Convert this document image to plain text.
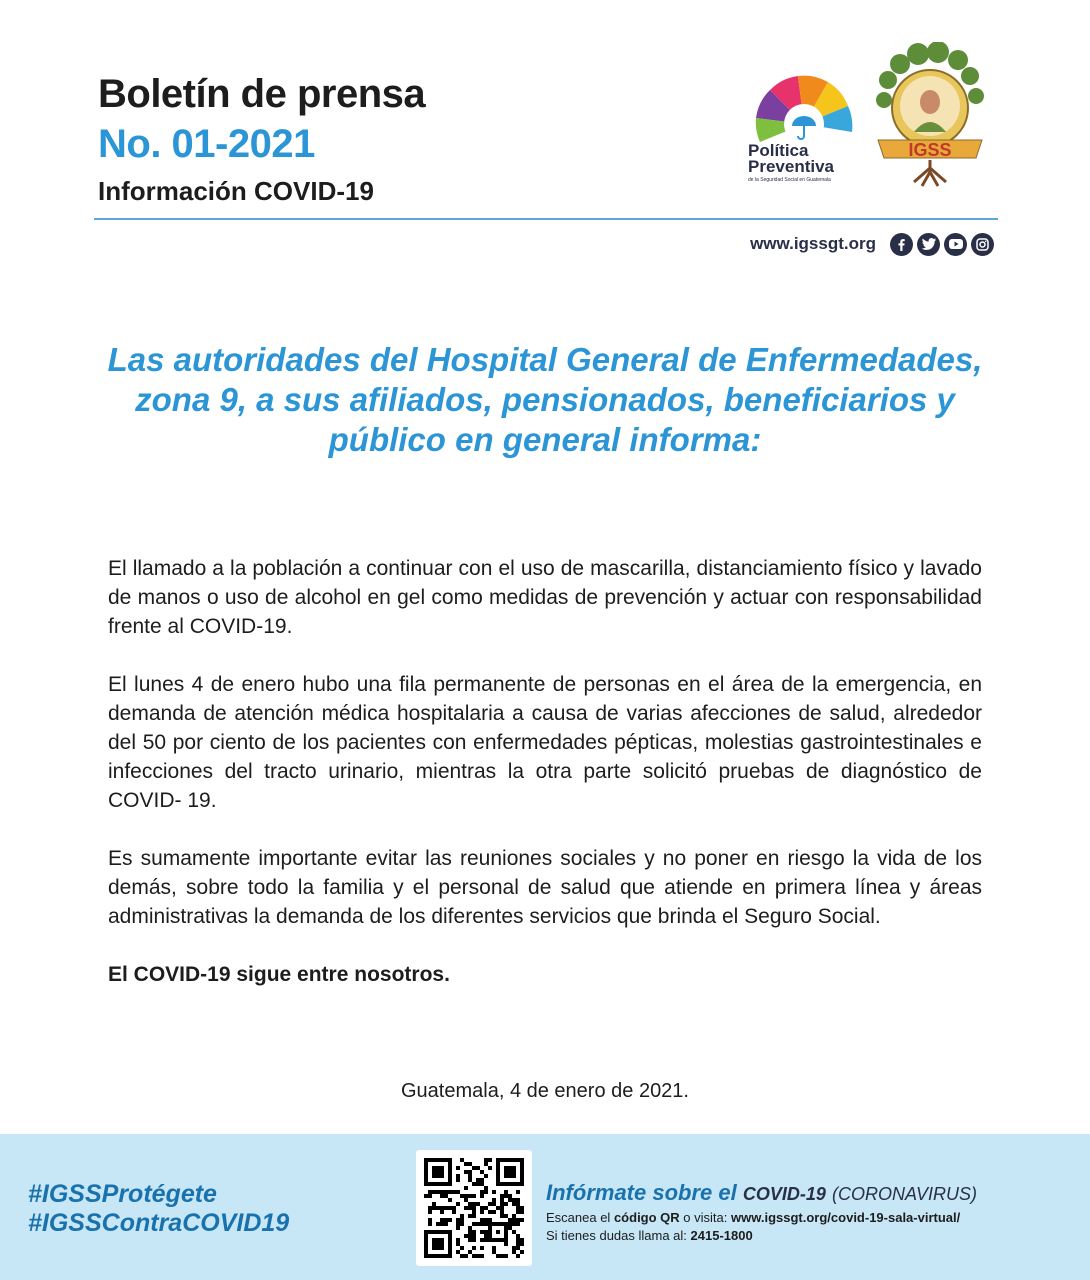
Boletín de prensa
No. 01-2021
Información COVID-19
Política
Preventiva
de la Seguridad Social en Guatemala
IGSS
www.igssgt.org
Las autoridades del Hospital General de Enfermedades, zona 9, a sus afiliados, pensionados, beneficiarios y público en general informa:

El llamado a la población a continuar con el uso de mascarilla, distanciamiento físico y lavado de manos o uso de alcohol en gel como medidas de prevención y actuar con responsabilidad frente al COVID-19.

El lunes 4 de enero hubo una fila permanente de personas en el área de la emergencia, en demanda de atención médica hospitalaria a causa de varias afecciones de salud, alrededor del 50 por ciento de los pacientes con enfermedades pépticas, molestias gastrointestinales e infecciones del tracto urinario, mientras la otra parte solicitó pruebas de diagnóstico de COVID- 19.

Es sumamente importante evitar las reuniones sociales y no poner en riesgo la vida de los demás, sobre todo la familia y el personal de salud que atiende en primera línea y áreas administrativas la demanda de los diferentes servicios que brinda el Seguro Social.

El COVID-19 sigue entre nosotros.

Guatemala, 4 de enero de 2021.
#IGSSProtégete
#IGSSContraCOVID19
Infórmate sobre el COVID-19 (CORONAVIRUS)
Escanea el código QR o visita: www.igssgt.org/covid-19-sala-virtual/
Si tienes dudas llama al: 2415-1800
